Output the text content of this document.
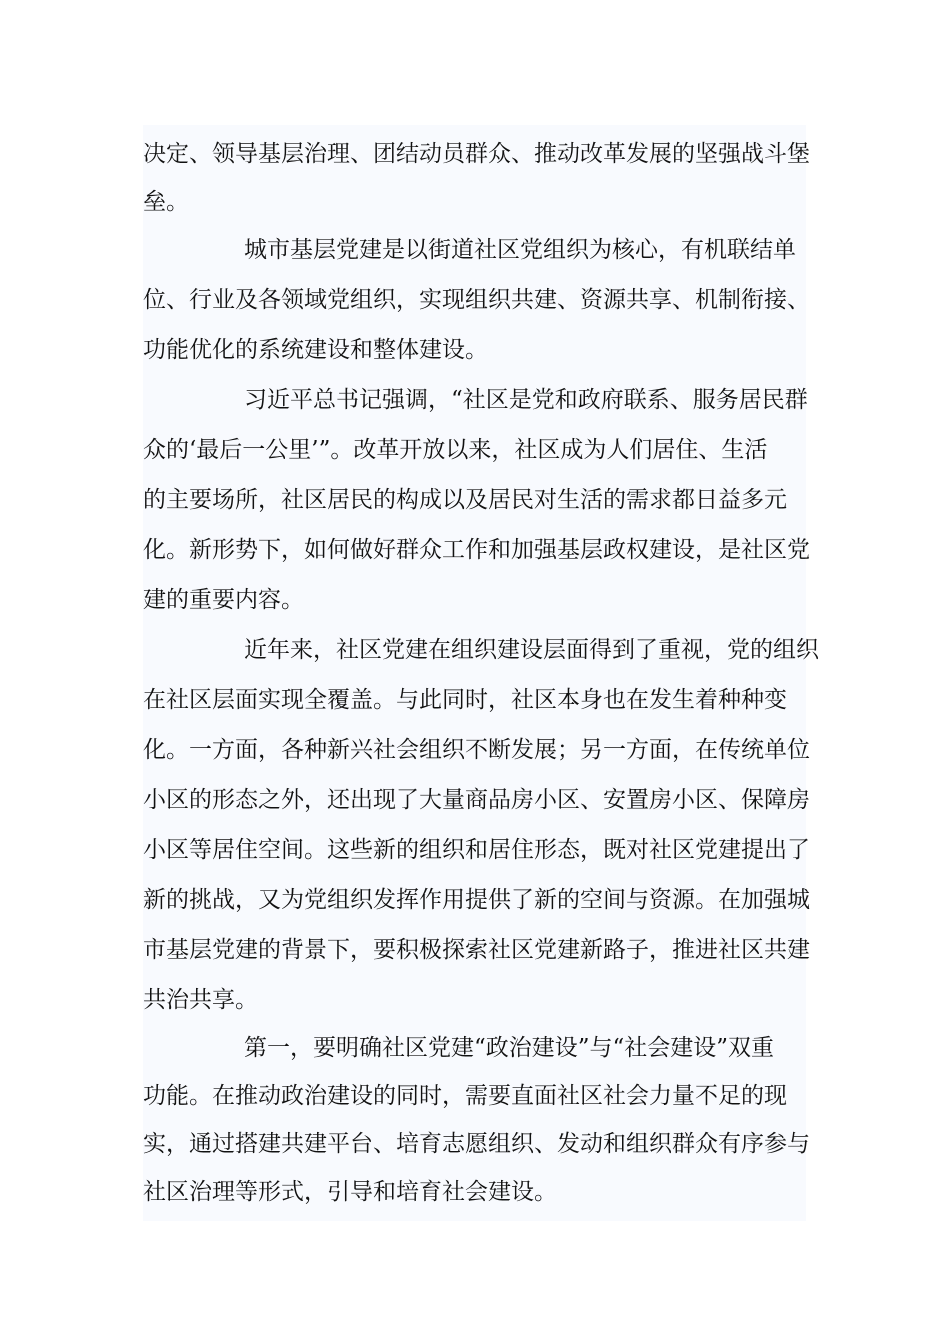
决定、领导基层治理、团结动员群众、推动改革发展的坚强战斗堡
垒。
城市基层党建是以街道社区党组织为核心，有机联结单
位、行业及各领域党组织，实现组织共建、资源共享、机制衔接、
功能优化的系统建设和整体建设。
习近平总书记强调，“社区是党和政府联系、服务居民群
众的‘最后一公里’”。改革开放以来，社区成为人们居住、生活
的主要场所，社区居民的构成以及居民对生活的需求都日益多元
化。新形势下，如何做好群众工作和加强基层政权建设，是社区党
建的重要内容。
近年来，社区党建在组织建设层面得到了重视，党的组织
在社区层面实现全覆盖。与此同时，社区本身也在发生着种种变
化。一方面，各种新兴社会组织不断发展；另一方面，在传统单位
小区的形态之外，还出现了大量商品房小区、安置房小区、保障房
小区等居住空间。这些新的组织和居住形态，既对社区党建提出了
新的挑战，又为党组织发挥作用提供了新的空间与资源。在加强城
市基层党建的背景下，要积极探索社区党建新路子，推进社区共建
共治共享。
第一，要明确社区党建“政治建设”与“社会建设”双重
功能。在推动政治建设的同时，需要直面社区社会力量不足的现
实，通过搭建共建平台、培育志愿组织、发动和组织群众有序参与
社区治理等形式，引导和培育社会建设。
